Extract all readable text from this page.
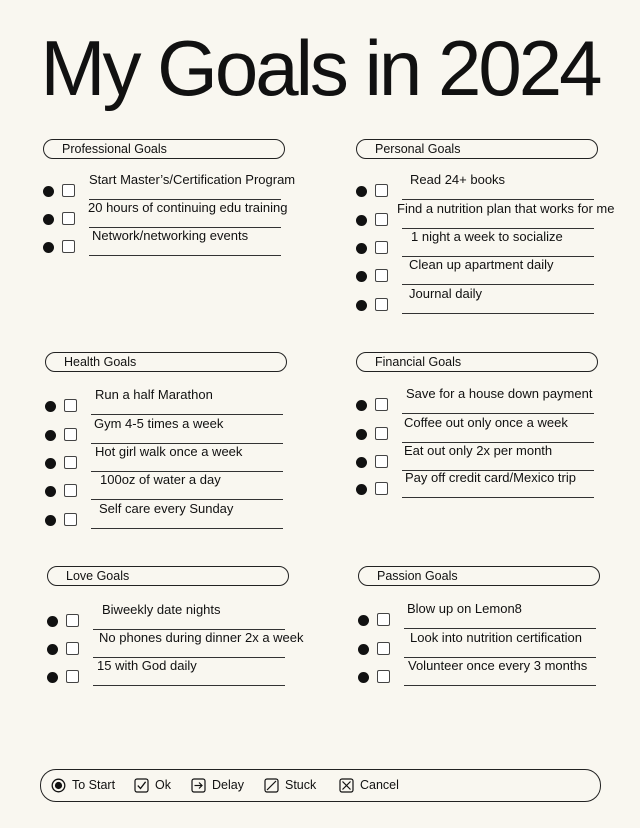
My Goals in 2024
Professional Goals
Start Master’s/Certification Program
20 hours of continuing edu training
Network/networking events
Personal Goals
Read 24+ books
Find a nutrition plan that works for me
1 night a week to socialize
Clean up apartment daily
Journal daily
Health Goals
Run a half Marathon
Gym 4-5 times a week
Hot girl walk once a week
100oz of water a day
Self care every Sunday
Financial Goals
Save for a house down payment
Coffee out only once a week
Eat out only 2x per month
Pay off credit card/Mexico trip
Love Goals
Biweekly date nights
No phones during dinner 2x a week
15 with God daily
Passion Goals
Blow up on Lemon8
Look into nutrition certification
Volunteer once every 3 months
To Start	Ok	Delay	Stuck	Cancel
